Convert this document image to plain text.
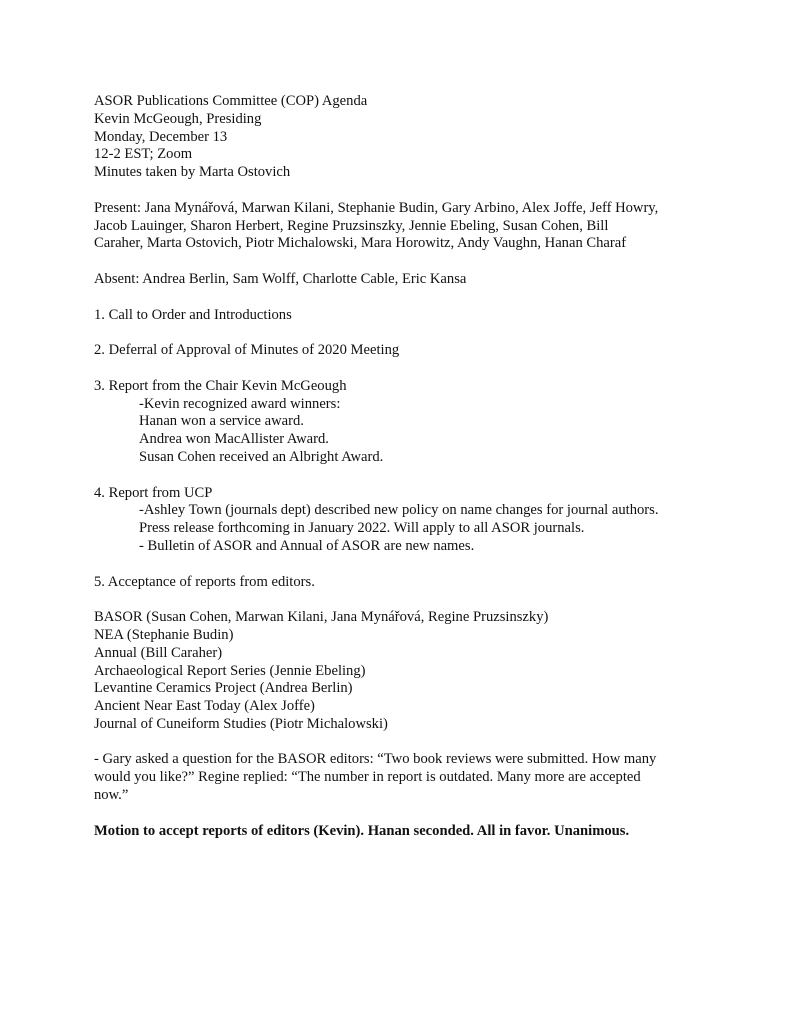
ASOR Publications Committee (COP) Agenda
Kevin McGeough, Presiding
Monday, December 13
12-2 EST; Zoom
Minutes taken by Marta Ostovich
Present: Jana Mynářová, Marwan Kilani, Stephanie Budin, Gary Arbino, Alex Joffe, Jeff Howry,
Jacob Lauinger, Sharon Herbert, Regine Pruzsinszky, Jennie Ebeling, Susan Cohen, Bill
Caraher, Marta Ostovich, Piotr Michalowski, Mara Horowitz, Andy Vaughn, Hanan Charaf
Absent: Andrea Berlin, Sam Wolff, Charlotte Cable, Eric Kansa
1. Call to Order and Introductions
2. Deferral of Approval of Minutes of 2020 Meeting
3. Report from the Chair Kevin McGeough
-Kevin recognized award winners:
Hanan won a service award.
Andrea won MacAllister Award.
Susan Cohen received an Albright Award.
4. Report from UCP
-Ashley Town (journals dept) described new policy on name changes for journal authors.
Press release forthcoming in January 2022. Will apply to all ASOR journals.
- Bulletin of ASOR and Annual of ASOR are new names.
5. Acceptance of reports from editors.
BASOR (Susan Cohen, Marwan Kilani, Jana Mynářová, Regine Pruzsinszky)
NEA (Stephanie Budin)
Annual (Bill Caraher)
Archaeological Report Series (Jennie Ebeling)
Levantine Ceramics Project (Andrea Berlin)
Ancient Near East Today (Alex Joffe)
Journal of Cuneiform Studies (Piotr Michalowski)
- Gary asked a question for the BASOR editors: “Two book reviews were submitted. How many
would you like?” Regine replied: “The number in report is outdated. Many more are accepted
now.”
Motion to accept reports of editors (Kevin). Hanan seconded. All in favor. Unanimous.
